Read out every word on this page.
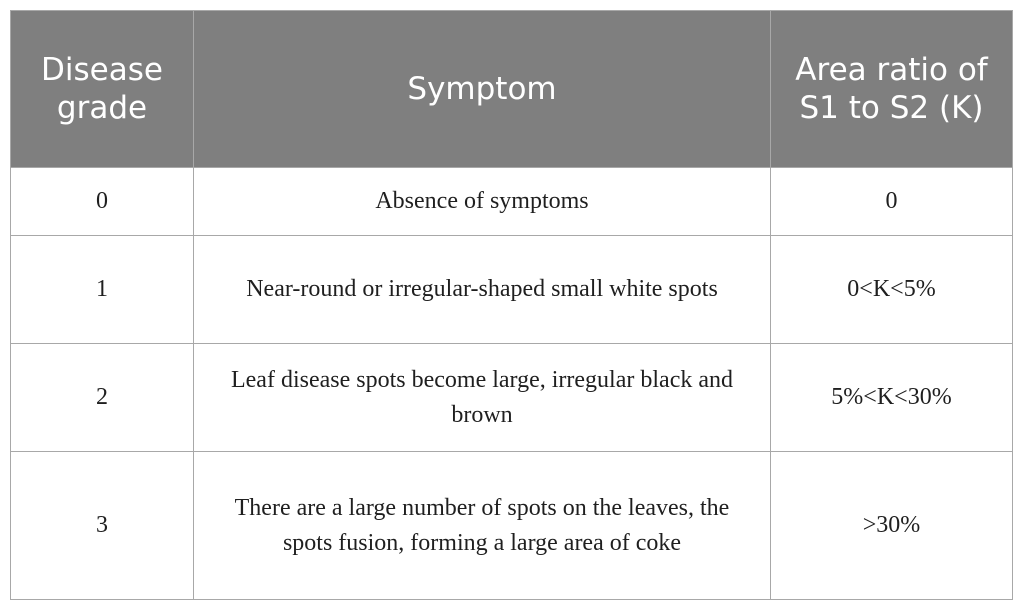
Disease grade	Symptom	Area ratio of S1 to S2 (K)
0	Absence of symptoms	0
1	Near-round or irregular-shaped small white spots	0<K<5%
2	Leaf disease spots become large, irregular black and brown	5%<K<30%
3	There are a large number of spots on the leaves, the spots fusion, forming a large area of coke	>30%
